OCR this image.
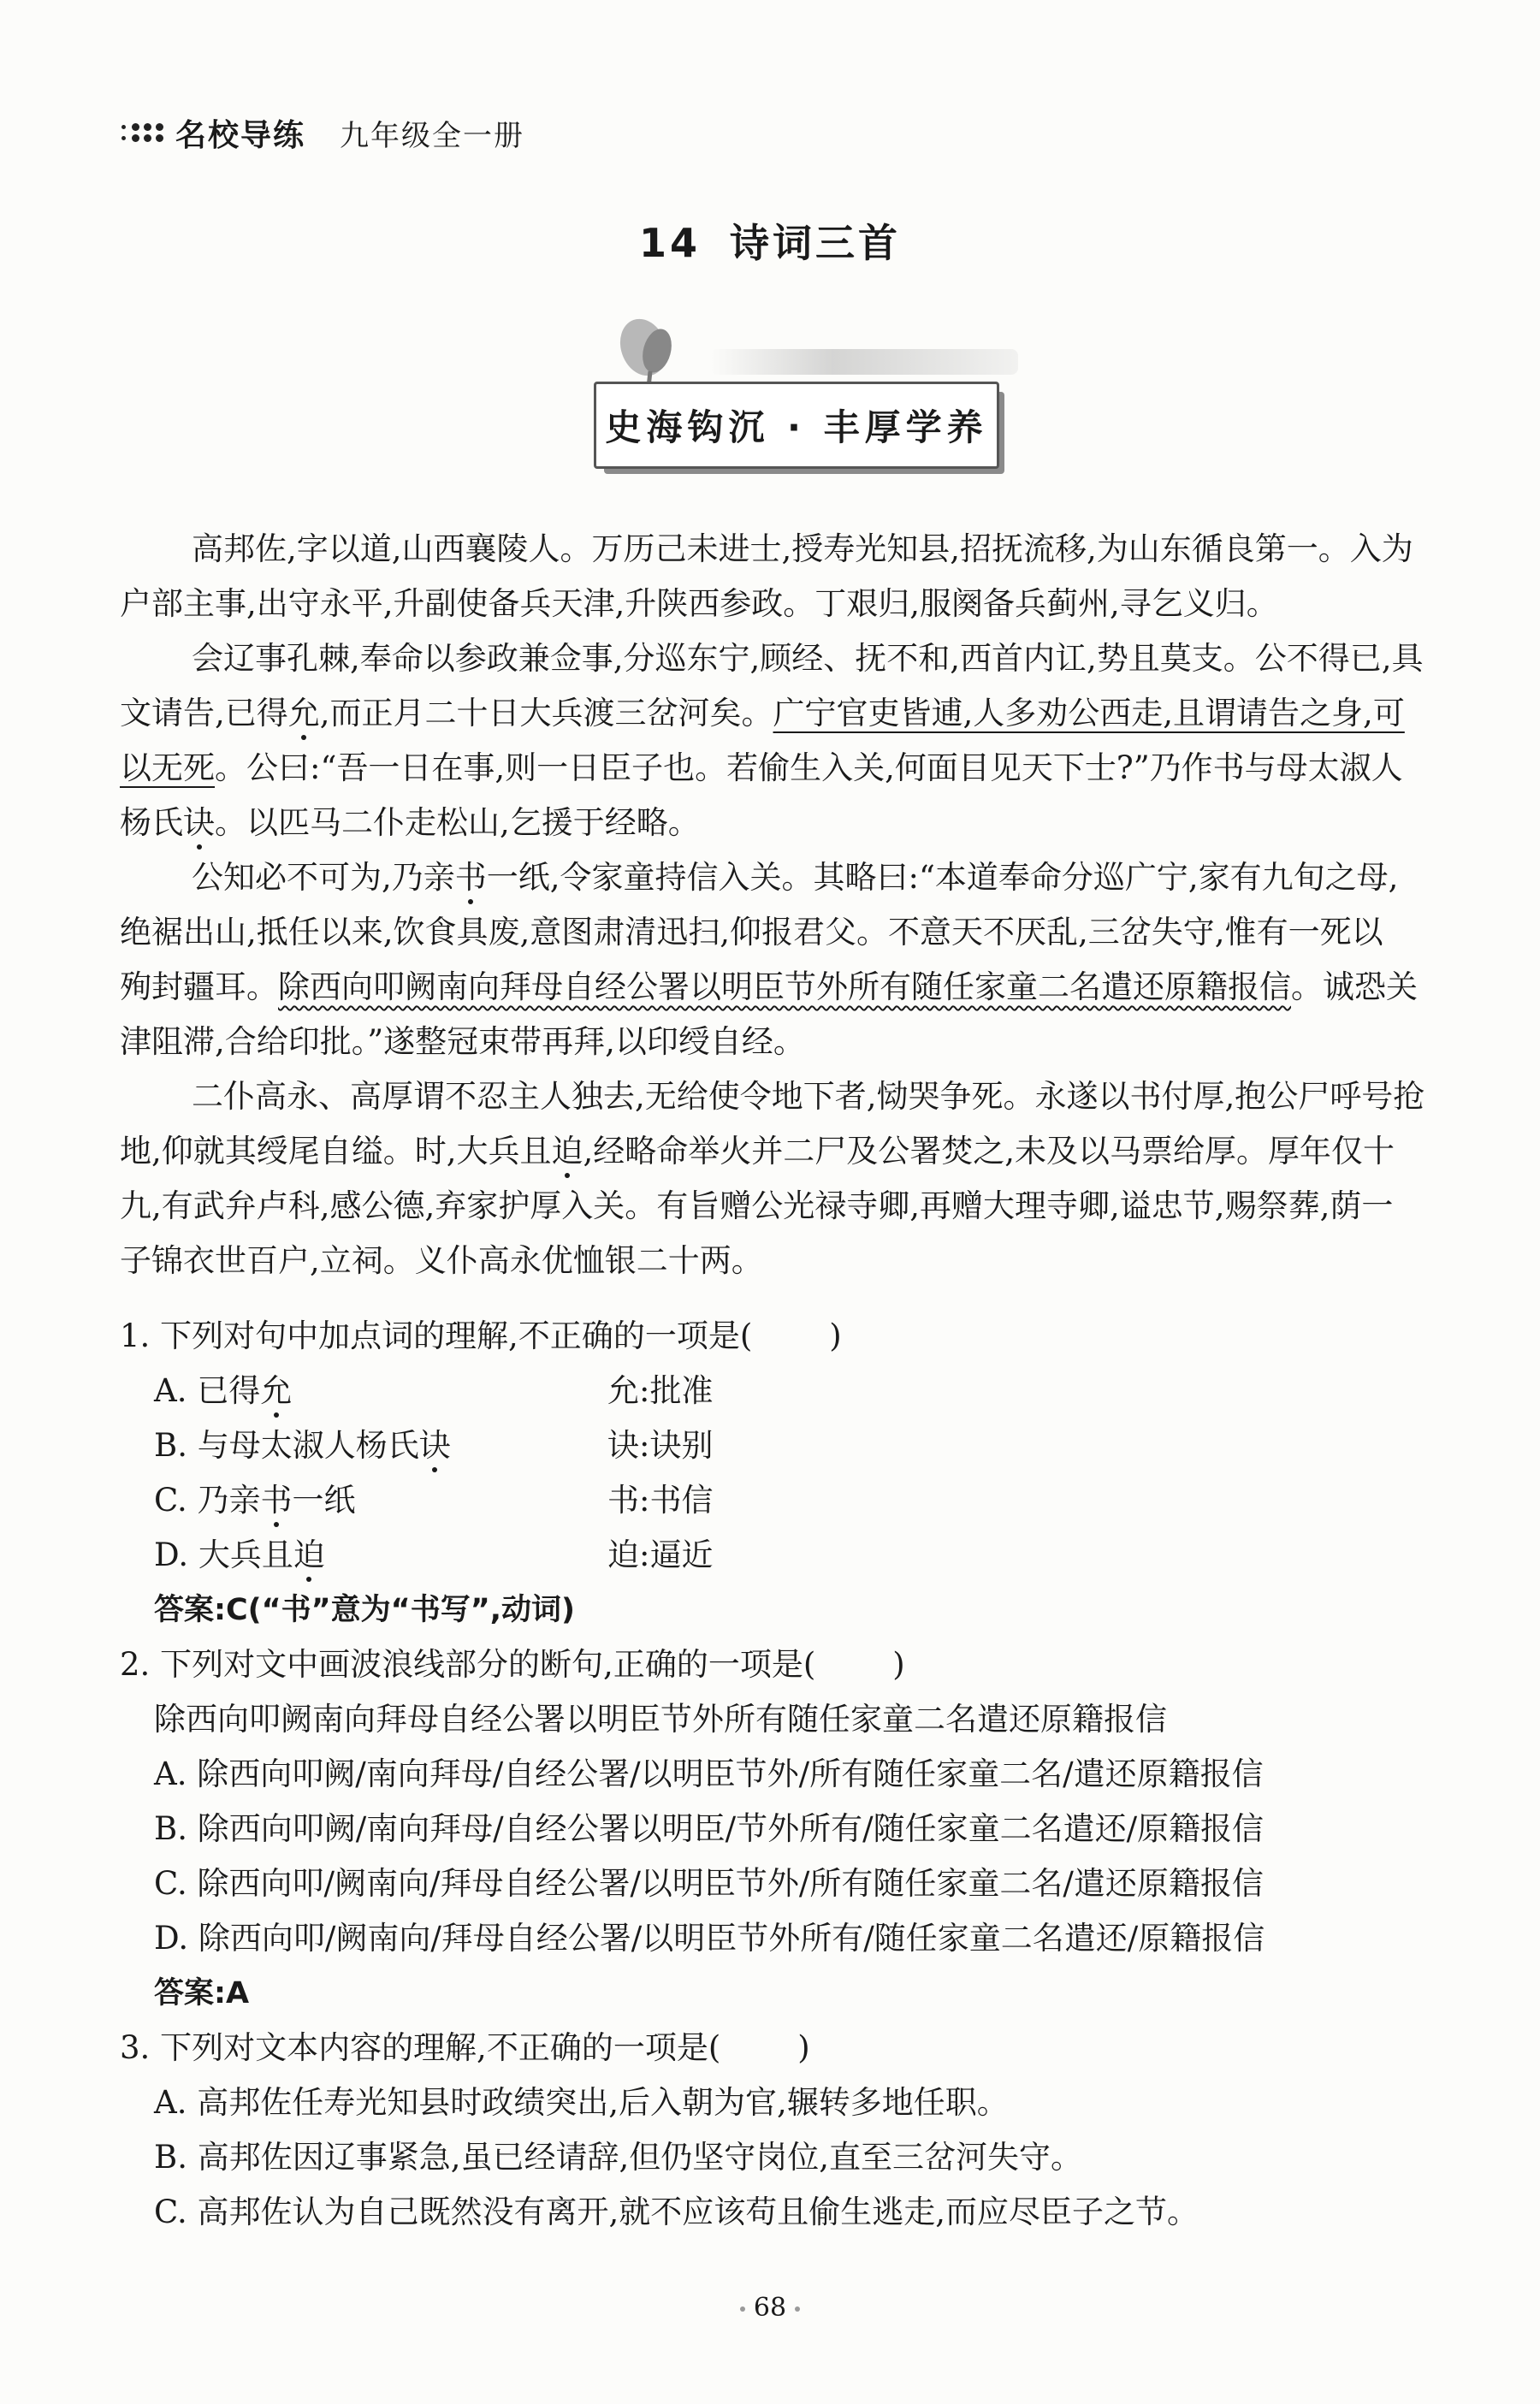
名校导练 九年级全一册
14 诗词三首
史海钩沉 · 丰厚学养

高邦佐,字以道,山西襄陵人。万历己未进士,授寿光知县,招抚流移,为山东循良第一。入为

户部主事,出守永平,升副使备兵天津,升陕西参政。丁艰归,服阕备兵蓟州,寻乞义归。

会辽事孔棘,奉命以参政兼佥事,分巡东宁,顾经、抚不和,西首内讧,势且莫支。公不得已,具

文请告,已得允,而正月二十日大兵渡三岔河矣。广宁官吏皆逋,人多劝公西走,且谓请告之身,可

以无死。公曰:“吾一日在事,则一日臣子也。若偷生入关,何面目见天下士?”乃作书与母太淑人

杨氏诀。以匹马二仆走松山,乞援于经略。

公知必不可为,乃亲书一纸,令家童持信入关。其略曰:“本道奉命分巡广宁,家有九旬之母,

绝裾出山,抵任以来,饮食具废,意图肃清迅扫,仰报君父。不意天不厌乱,三岔失守,惟有一死以

殉封疆耳。除西向叩阙南向拜母自经公署以明臣节外所有随任家童二名遣还原籍报信。诚恐关

津阻滞,合给印批。”遂整冠束带再拜,以印绶自经。

二仆高永、高厚谓不忍主人独去,无给使令地下者,恸哭争死。永遂以书付厚,抱公尸呼号抢

地,仰就其绶尾自缢。时,大兵且迫,经略命举火并二尸及公署焚之,未及以马票给厚。厚年仅十

九,有武弁卢科,感公德,弃家护厚入关。有旨赠公光禄寺卿,再赠大理寺卿,谥忠节,赐祭葬,荫一

子锦衣世百户,立祠。义仆高永优恤银二十两。

1. 下列对句中加点词的理解,不正确的一项是( )
A. 已得允	允:批准
B. 与母太淑人杨氏诀	诀:诀别
C. 乃亲书一纸	书:书信
D. 大兵且迫	迫:逼近
答案:C(“书”意为“书写”,动词)
2. 下列对文中画波浪线部分的断句,正确的一项是( )
除西向叩阙南向拜母自经公署以明臣节外所有随任家童二名遣还原籍报信
A. 除西向叩阙/南向拜母/自经公署/以明臣节外/所有随任家童二名/遣还原籍报信
B. 除西向叩阙/南向拜母/自经公署以明臣/节外所有/随任家童二名遣还/原籍报信
C. 除西向叩/阙南向/拜母自经公署/以明臣节外/所有随任家童二名/遣还原籍报信
D. 除西向叩/阙南向/拜母自经公署/以明臣节外所有/随任家童二名遣还/原籍报信
答案:A
3. 下列对文本内容的理解,不正确的一项是( )
A. 高邦佐任寿光知县时政绩突出,后入朝为官,辗转多地任职。
B. 高邦佐因辽事紧急,虽已经请辞,但仍坚守岗位,直至三岔河失守。
C. 高邦佐认为自己既然没有离开,就不应该苟且偷生逃走,而应尽臣子之节。
68
